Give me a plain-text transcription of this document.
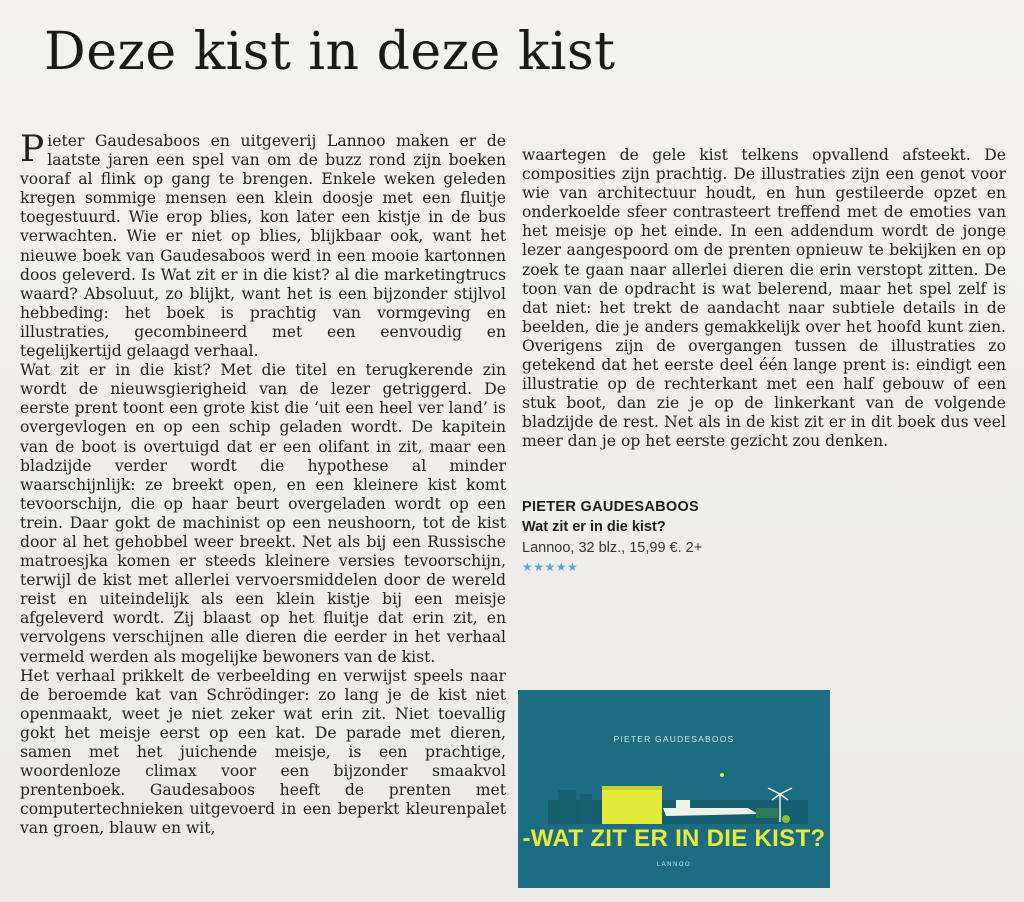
Deze kist in deze kist

Pieter Gaudesaboos en uitgeverij Lannoo maken er de laatste jaren een spel van om de buzz rond zijn boeken vooraf al flink op gang te brengen. Enkele weken geleden kregen sommige mensen een klein doosje met een fluitje toegestuurd. Wie erop blies, kon later een kistje in de bus verwachten. Wie er niet op blies, blijkbaar ook, want het nieuwe boek van Gaudesaboos werd in een mooie kartonnen doos geleverd. Is Wat zit er in die kist? al die marketingtrucs waard? Absoluut, zo blijkt, want het is een bijzonder stijlvol hebbeding: het boek is prachtig van vormgeving en illustraties, gecombineerd met een eenvoudig en tegelijkertijd gelaagd verhaal.

Wat zit er in die kist? Met die titel en terugkerende zin wordt de nieuwsgierigheid van de lezer getriggerd. De eerste prent toont een grote kist die ‘uit een heel ver land’ is overgevlogen en op een schip geladen wordt. De kapitein van de boot is overtuigd dat er een olifant in zit, maar een bladzijde verder wordt die hypothese al minder waarschijnlijk: ze breekt open, en een kleinere kist komt tevoorschijn, die op haar beurt overgeladen wordt op een trein. Daar gokt de machinist op een neushoorn, tot de kist door al het gehobbel weer breekt. Net als bij een Russische matroesjka komen er steeds kleinere versies tevoorschijn, terwijl de kist met allerlei vervoersmiddelen door de wereld reist en uiteindelijk als een klein kistje bij een meisje afgeleverd wordt. Zij blaast op het fluitje dat erin zit, en vervolgens verschijnen alle dieren die eerder in het verhaal vermeld werden als mogelijke bewoners van de kist.

Het verhaal prikkelt de verbeelding en verwijst speels naar de beroemde kat van Schrödinger: zo lang je de kist niet openmaakt, weet je niet zeker wat erin zit. Niet toevallig gokt het meisje eerst op een kat. De parade met dieren, samen met het juichende meisje, is een prachtige, woordenloze climax voor een bijzonder smaakvol prentenboek. Gaudesaboos heeft de prenten met computertechnieken uitgevoerd in een beperkt kleurenpalet van groen, blauw en wit,

waartegen de gele kist telkens opvallend afsteekt. De composities zijn prachtig. De illustraties zijn een genot voor wie van architectuur houdt, en hun gestileerde opzet en onderkoelde sfeer contrasteert treffend met de emoties van het meisje op het einde. In een addendum wordt de jonge lezer aangespoord om de prenten opnieuw te bekijken en op zoek te gaan naar allerlei dieren die erin verstopt zitten. De toon van de opdracht is wat belerend, maar het spel zelf is dat niet: het trekt de aandacht naar subtiele details in de beelden, die je anders gemakkelijk over het hoofd kunt zien. Overigens zijn de overgangen tussen de illustraties zo getekend dat het eerste deel één lange prent is: eindigt een illustratie op de rechterkant met een half gebouw of een stuk boot, dan zie je op de linkerkant van de volgende bladzijde de rest. Net als in de kist zit er in dit boek dus veel meer dan je op het eerste gezicht zou denken.

PIETER GAUDESABOOS
Wat zit er in die kist?
Lannoo, 32 blz., 15,99 €. 2+
★★★★★

PIETER GAUDESABOOS
-WAT ZIT ER IN DIE KIST?
LANNOO
